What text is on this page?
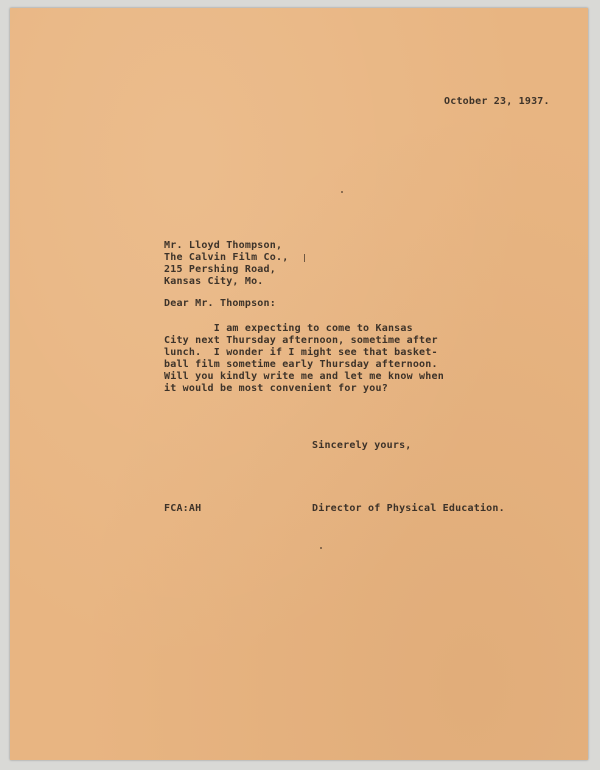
October 23, 1937.
Mr. Lloyd Thompson,
The Calvin Film Co.,
215 Pershing Road,
Kansas City, Mo.
Dear Mr. Thompson:
I am expecting to come to Kansas
City next Thursday afternoon, sometime after
lunch.  I wonder if I might see that basket-
ball film sometime early Thursday afternoon.
Will you kindly write me and let me know when
it would be most convenient for you?
Sincerely yours,
FCA:AH	Director of Physical Education.
